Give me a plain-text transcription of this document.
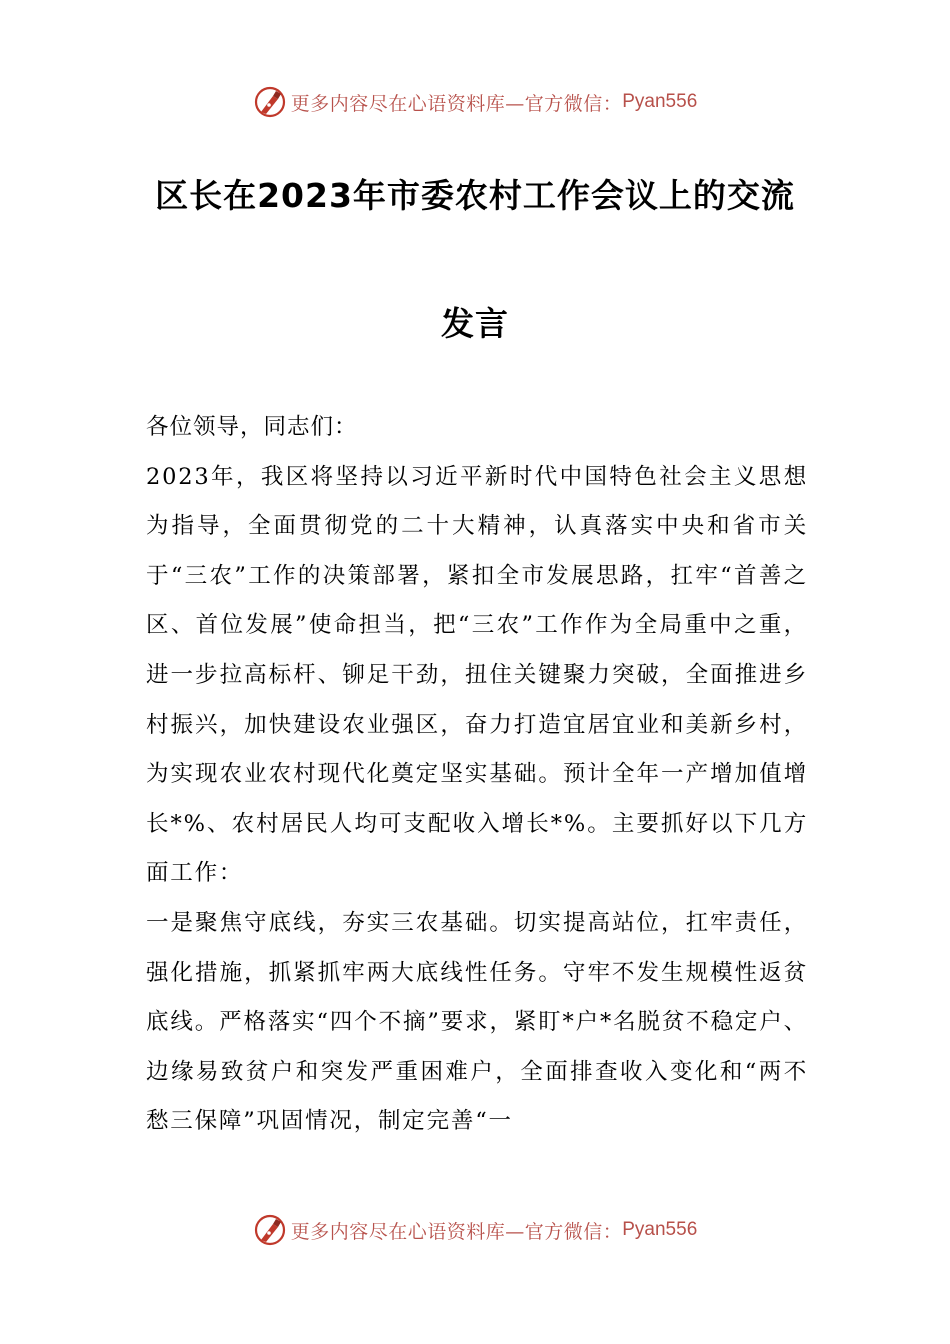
更多内容尽在心语资料库—官方微信： Pyan556
区长在2023年市委农村工作会议上的交流
发言

各位领导，同志们：

2023年，我区将坚持以习近平新时代中国特色社会主义思想为指导，全面贯彻党的二十大精神，认真落实中央和省市关于“三农”工作的决策部署，紧扣全市发展思路，扛牢“首善之区、首位发展”使命担当，把“三农”工作作为全局重中之重，进一步拉高标杆、铆足干劲，扭住关键聚力突破，全面推进乡村振兴，加快建设农业强区，奋力打造宜居宜业和美新乡村，为实现农业农村现代化奠定坚实基础。预计全年一产增加值增长*%、农村居民人均可支配收入增长*%。主要抓好以下几方面工作：

一是聚焦守底线，夯实三农基础。切实提高站位，扛牢责任，强化措施，抓紧抓牢两大底线性任务。守牢不发生规模性返贫底线。严格落实“四个不摘”要求，紧盯*户*名脱贫不稳定户、边缘易致贫户和突发严重困难户，全面排查收入变化和“两不愁三保障”巩固情况，制定完善“一

更多内容尽在心语资料库—官方微信： Pyan556
